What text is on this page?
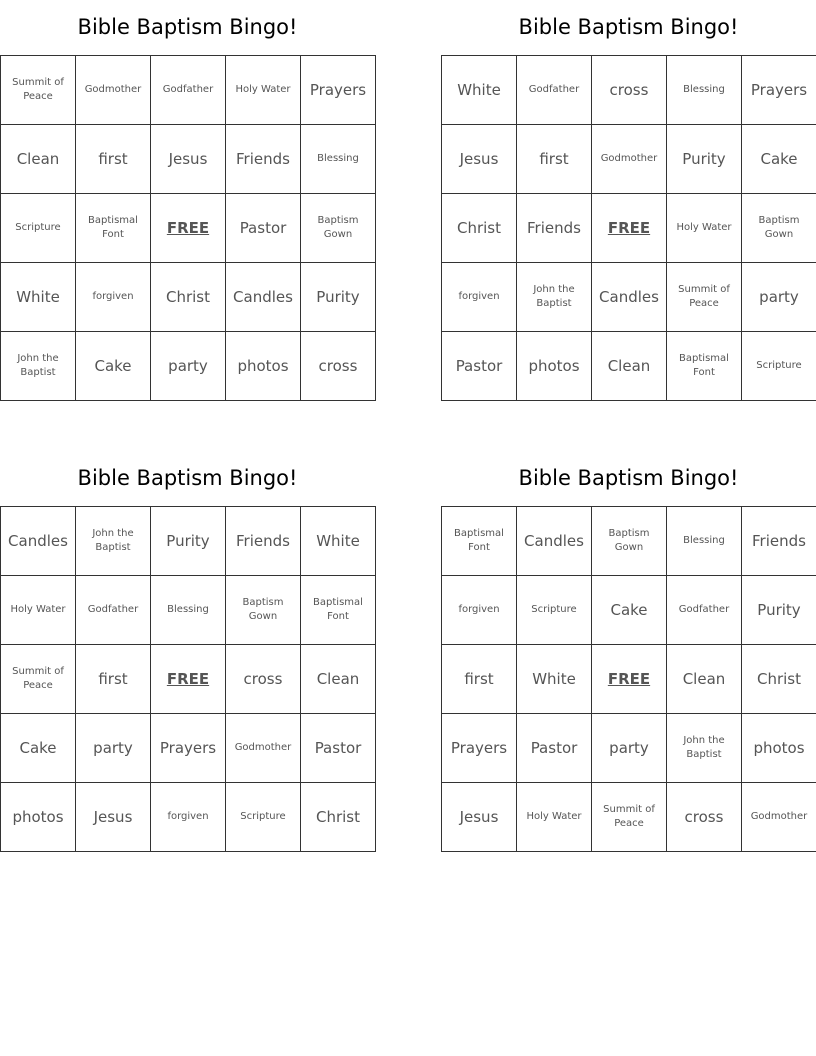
Bible Baptism Bingo!
Summit of Peace	Godmother	Godfather	Holy Water	Prayers
Clean	first	Jesus	Friends	Blessing
Scripture	Baptismal Font	FREE	Pastor	Baptism Gown
White	forgiven	Christ	Candles	Purity
John the Baptist	Cake	party	photos	cross
Bible Baptism Bingo!
White	Godfather	cross	Blessing	Prayers
Jesus	first	Godmother	Purity	Cake
Christ	Friends	FREE	Holy Water	Baptism Gown
forgiven	John the Baptist	Candles	Summit of Peace	party
Pastor	photos	Clean	Baptismal Font	Scripture
Bible Baptism Bingo!
Candles	John the Baptist	Purity	Friends	White
Holy Water	Godfather	Blessing	Baptism Gown	Baptismal Font
Summit of Peace	first	FREE	cross	Clean
Cake	party	Prayers	Godmother	Pastor
photos	Jesus	forgiven	Scripture	Christ
Bible Baptism Bingo!
Baptismal Font	Candles	Baptism Gown	Blessing	Friends
forgiven	Scripture	Cake	Godfather	Purity
first	White	FREE	Clean	Christ
Prayers	Pastor	party	John the Baptist	photos
Jesus	Holy Water	Summit of Peace	cross	Godmother
